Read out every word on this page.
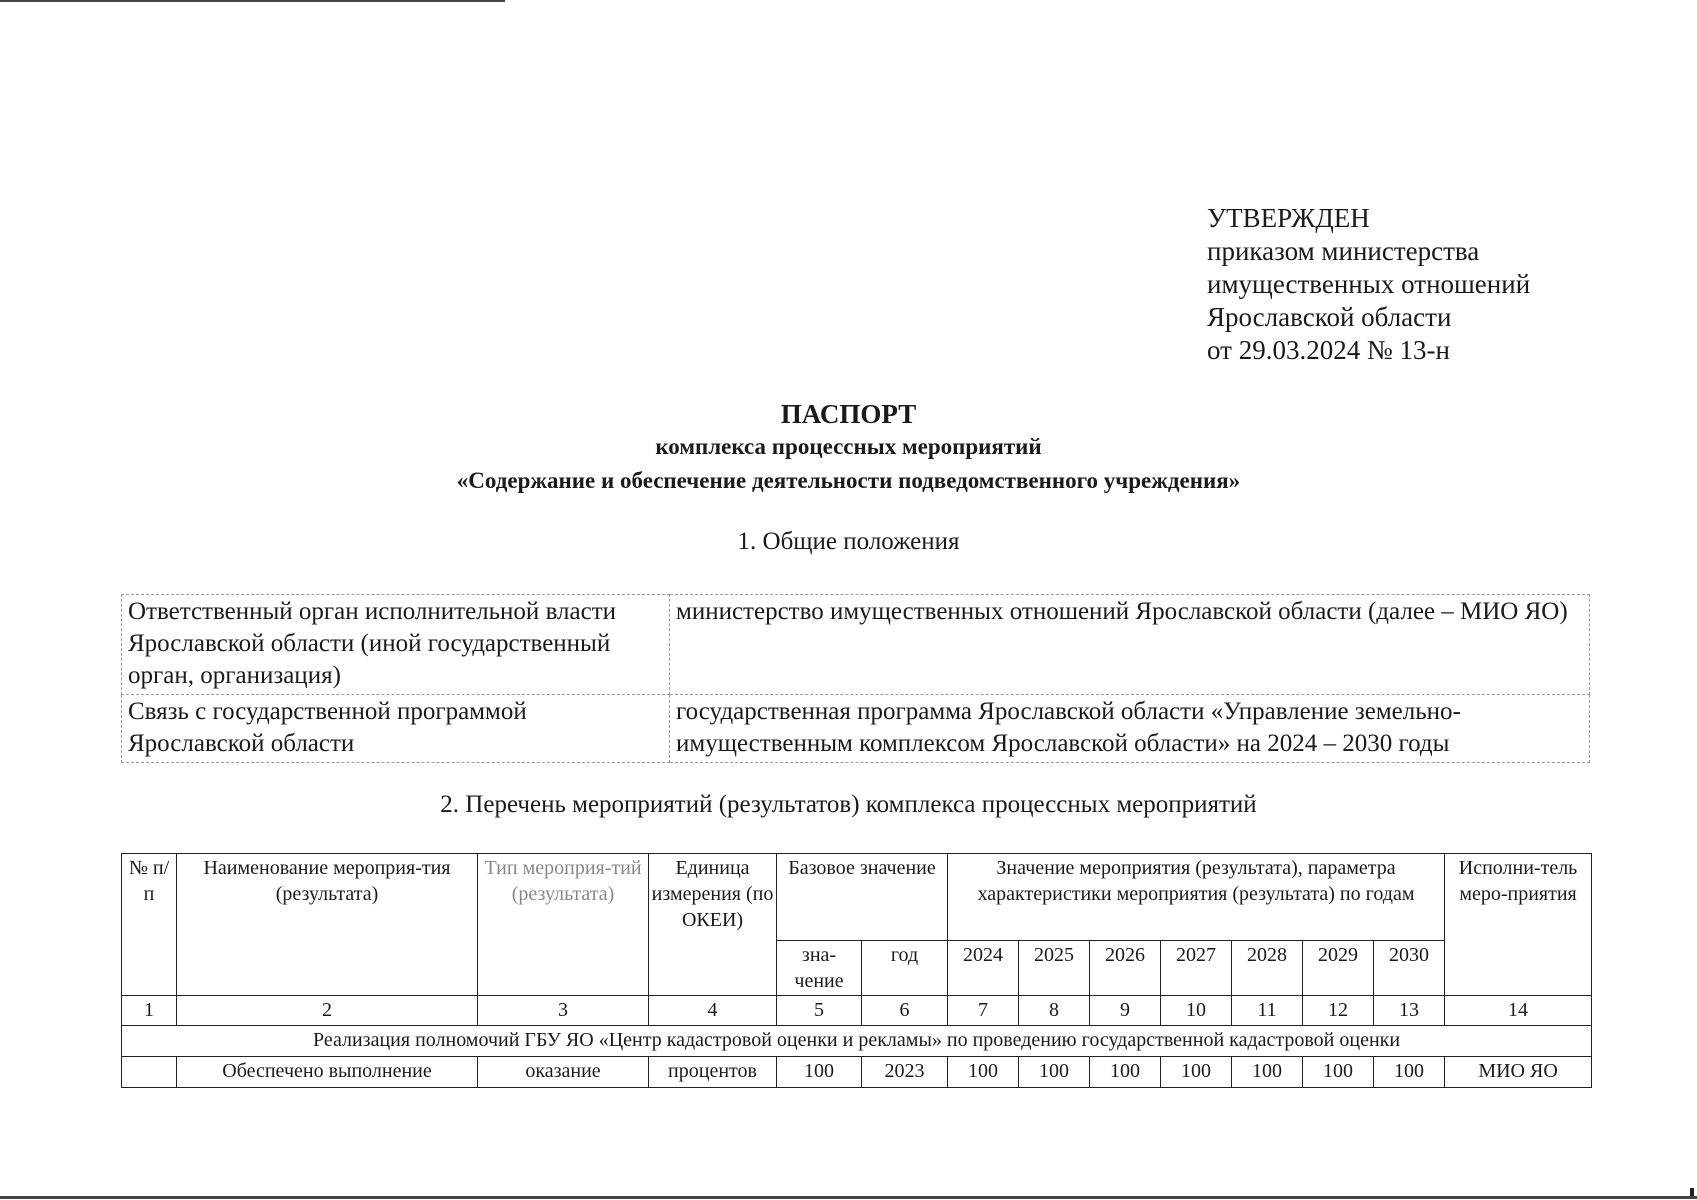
УТВЕРЖДЕН
приказом министерства
имущественных отношений
Ярославской области
от 29.03.2024 № 13-н
ПАСПОРТ
комплекса процессных мероприятий
«Содержание и обеспечение деятельности подведомственного учреждения»
1. Общие положения
Ответственный орган исполнительной власти Ярославской области (иной государственный орган, организация)	министерство имущественных отношений Ярославской области (далее – МИО ЯО)
Связь с государственной программой Ярославской области	государственная программа Ярославской области «Управление земельно-имущественным комплексом Ярославской области» на 2024 – 2030 годы
2. Перечень мероприятий (результатов) комплекса процессных мероприятий
№ п/п	Наименование мероприя-тия (результата)	Тип мероприя-тий (результата)	Единица измерения (по ОКЕИ)	Базовое значение		Значение мероприятия (результата), параметра характеристики мероприятия (результата) по годам							Исполни-тель меро-приятия
						2024	2025	2026	2027	2028	2029	2030	
				зна-чение	год								
1	2	3	4	5	6	7	8	9	10	11	12	13	14
Реализация полномочий ГБУ ЯО «Центр кадастровой оценки и рекламы» по проведению государственной кадастровой оценки													
	Обеспечено выполнение	оказание	процентов	100	2023	100	100	100	100	100	100	100	МИО ЯО
